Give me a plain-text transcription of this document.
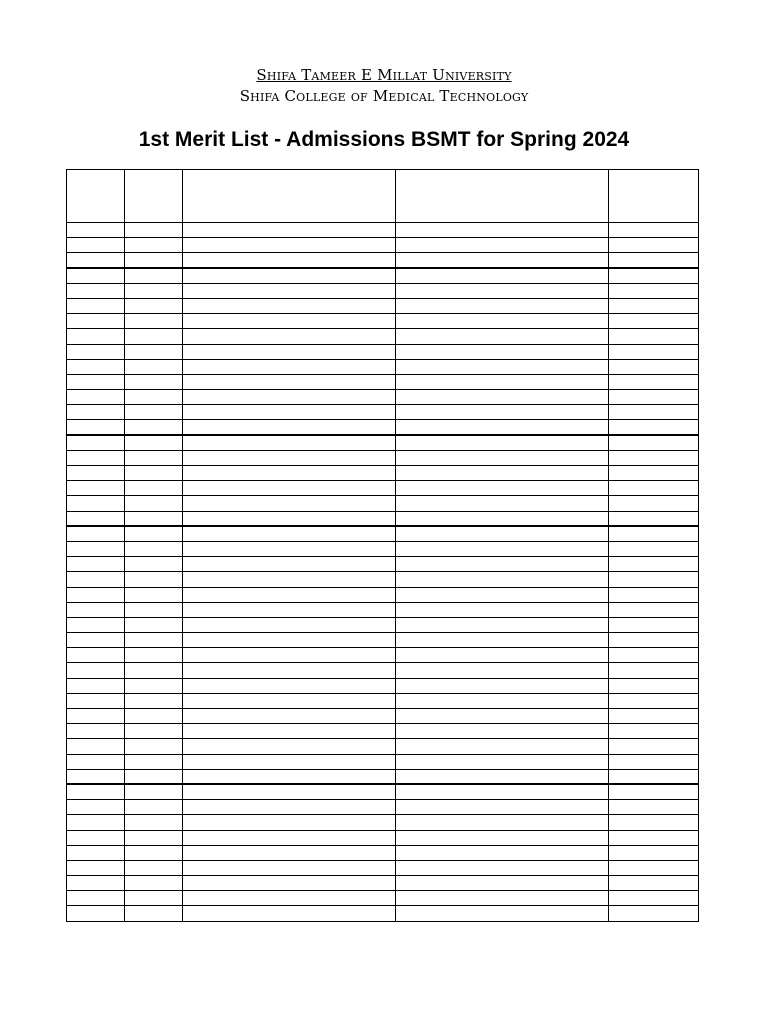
Shifa Tameer E Millat University
Shifa College of Medical Technology
1st Merit List - Admissions BSMT for Spring 2024
